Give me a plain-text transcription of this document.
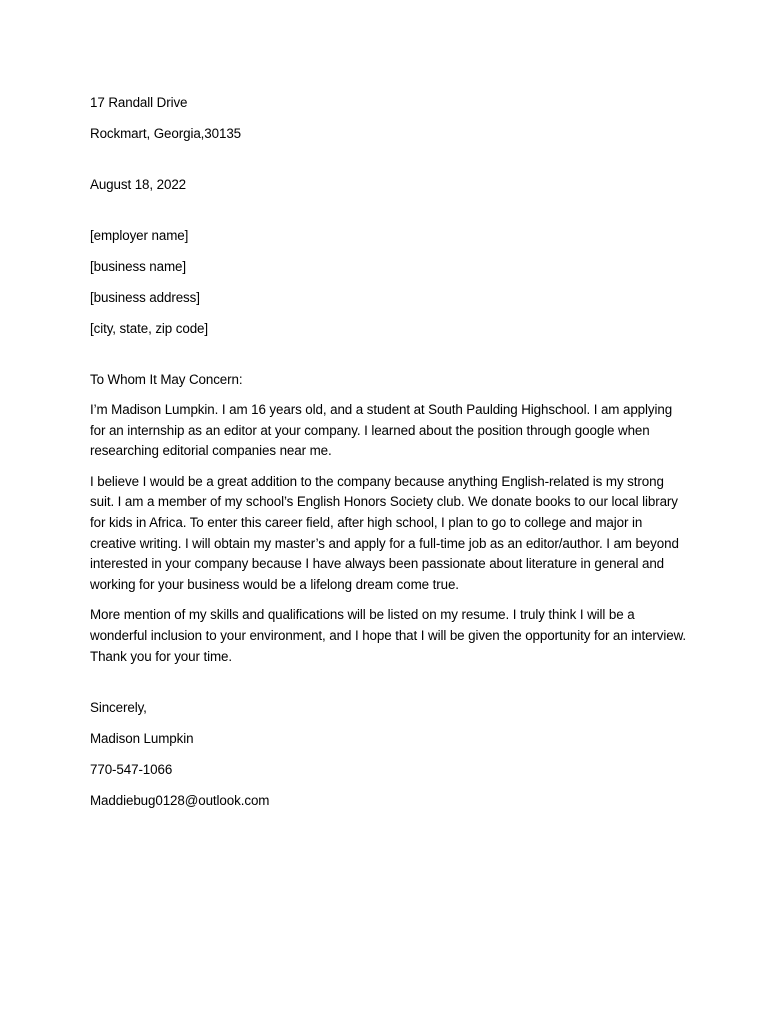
17 Randall Drive

Rockmart, Georgia,30135

August 18, 2022

[employer name]

[business name]

[business address]

[city, state, zip code]

To Whom It May Concern:

I’m Madison Lumpkin. I am 16 years old, and a student at South Paulding Highschool. I am applying for an internship as an editor at your company. I learned about the position through google when researching editorial companies near me.

I believe I would be a great addition to the company because anything English-related is my strong suit. I am a member of my school’s English Honors Society club. We donate books to our local library for kids in Africa. To enter this career field, after high school, I plan to go to college and major in creative writing. I will obtain my master’s and apply for a full-time job as an editor/author. I am beyond interested in your company because I have always been passionate about literature in general and working for your business would be a lifelong dream come true.

More mention of my skills and qualifications will be listed on my resume. I truly think I will be a wonderful inclusion to your environment, and I hope that I will be given the opportunity for an interview. Thank you for your time.

Sincerely,

Madison Lumpkin

770-547-1066

Maddiebug0128@outlook.com
